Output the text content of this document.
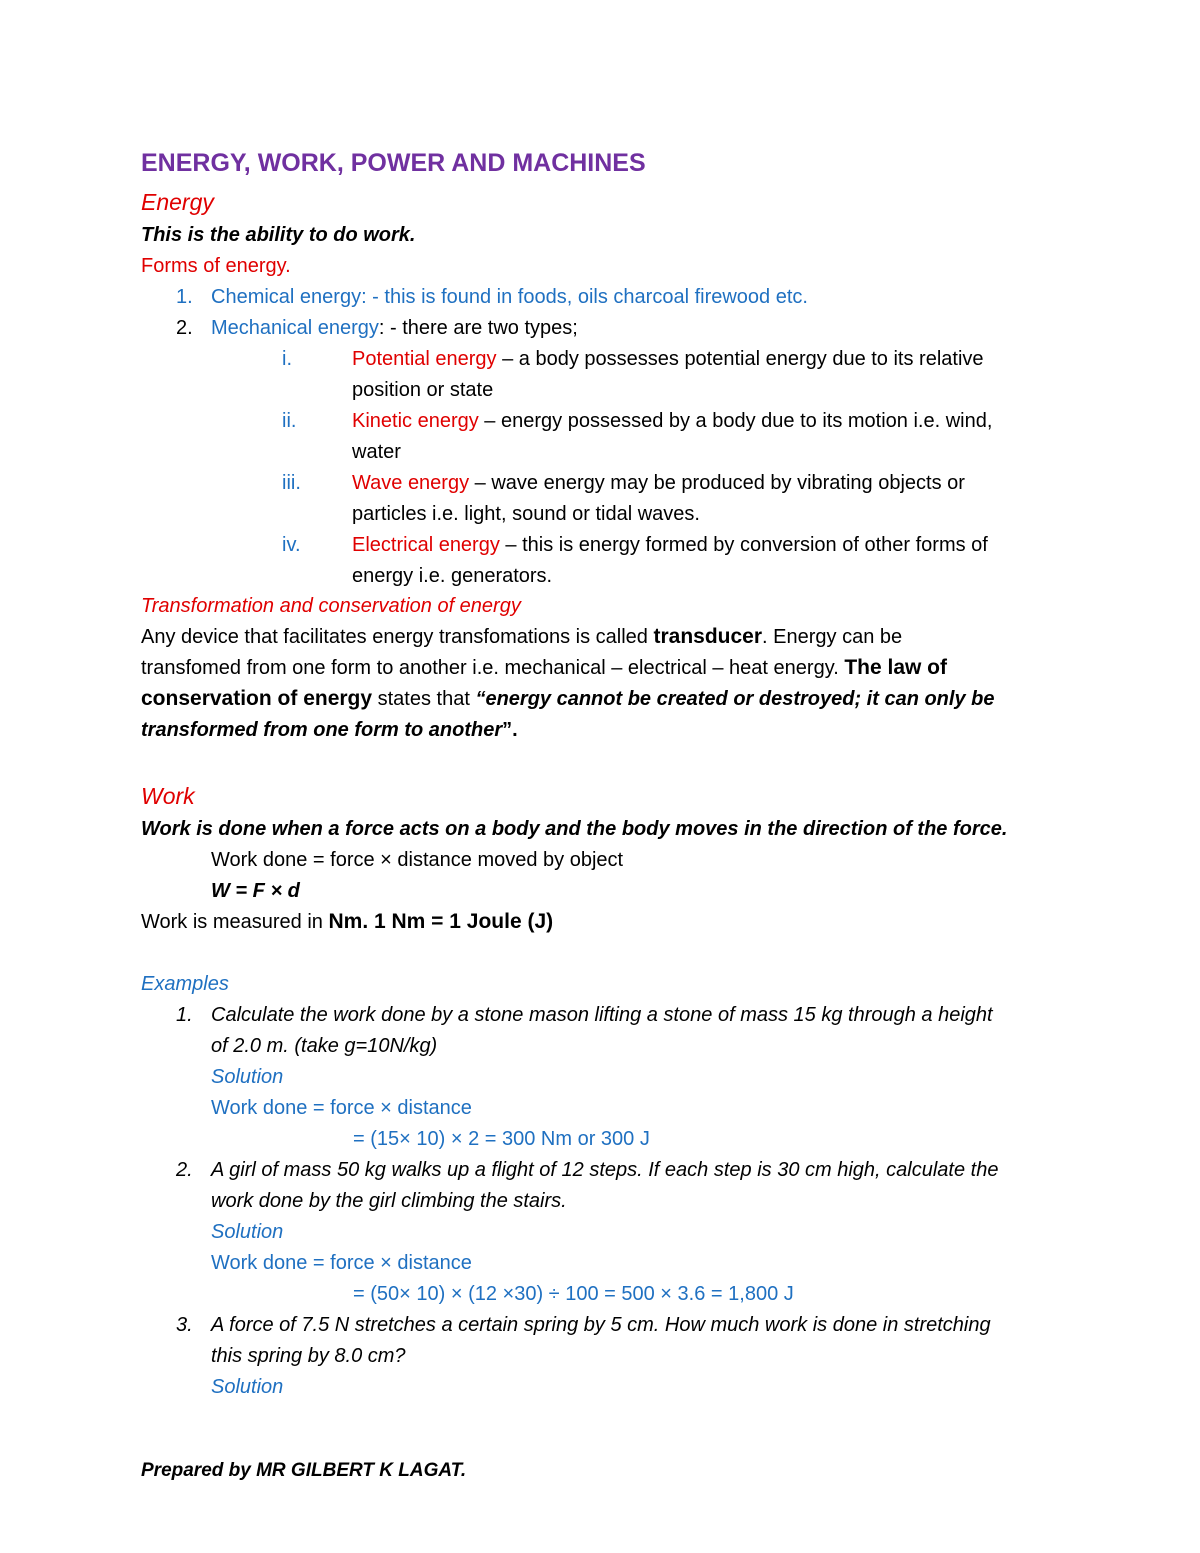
ENERGY, WORK, POWER AND MACHINES
Energy
This is the ability to do work.
Forms of energy.
1. Chemical energy: - this is found in foods, oils charcoal firewood etc.
2. Mechanical energy: - there are two types;
i.	Potential energy – a body possesses potential energy due to its relative
position or state
ii.	Kinetic energy – energy possessed by a body due to its motion i.e. wind,
water
iii.	Wave energy – wave energy may be produced by vibrating objects or
particles i.e. light, sound or tidal waves.
iv.	Electrical energy – this is energy formed by conversion of other forms of
energy i.e. generators.
Transformation and conservation of energy
Any device that facilitates energy transfomations is called transducer. Energy can be
transfomed from one form to another i.e. mechanical – electrical – heat energy. The law of
conservation of energy states that “energy cannot be created or destroyed; it can only be
transformed from one form to another”.
Work
Work is done when a force acts on a body and the body moves in the direction of the force.
Work done = force × distance moved by object
W = F × d
Work is measured in Nm. 1 Nm = 1 Joule (J)
Examples
1. Calculate the work done by a stone mason lifting a stone of mass 15 kg through a height
of 2.0 m. (take g=10N/kg)
Solution
Work done = force × distance
= (15× 10) × 2 = 300 Nm or 300 J
2. A girl of mass 50 kg walks up a flight of 12 steps. If each step is 30 cm high, calculate the
work done by the girl climbing the stairs.
Solution
Work done = force × distance
= (50× 10) × (12 ×30) ÷ 100 = 500 × 3.6 = 1,800 J
3. A force of 7.5 N stretches a certain spring by 5 cm. How much work is done in stretching
this spring by 8.0 cm?
Solution
Prepared by MR GILBERT K LAGAT.
